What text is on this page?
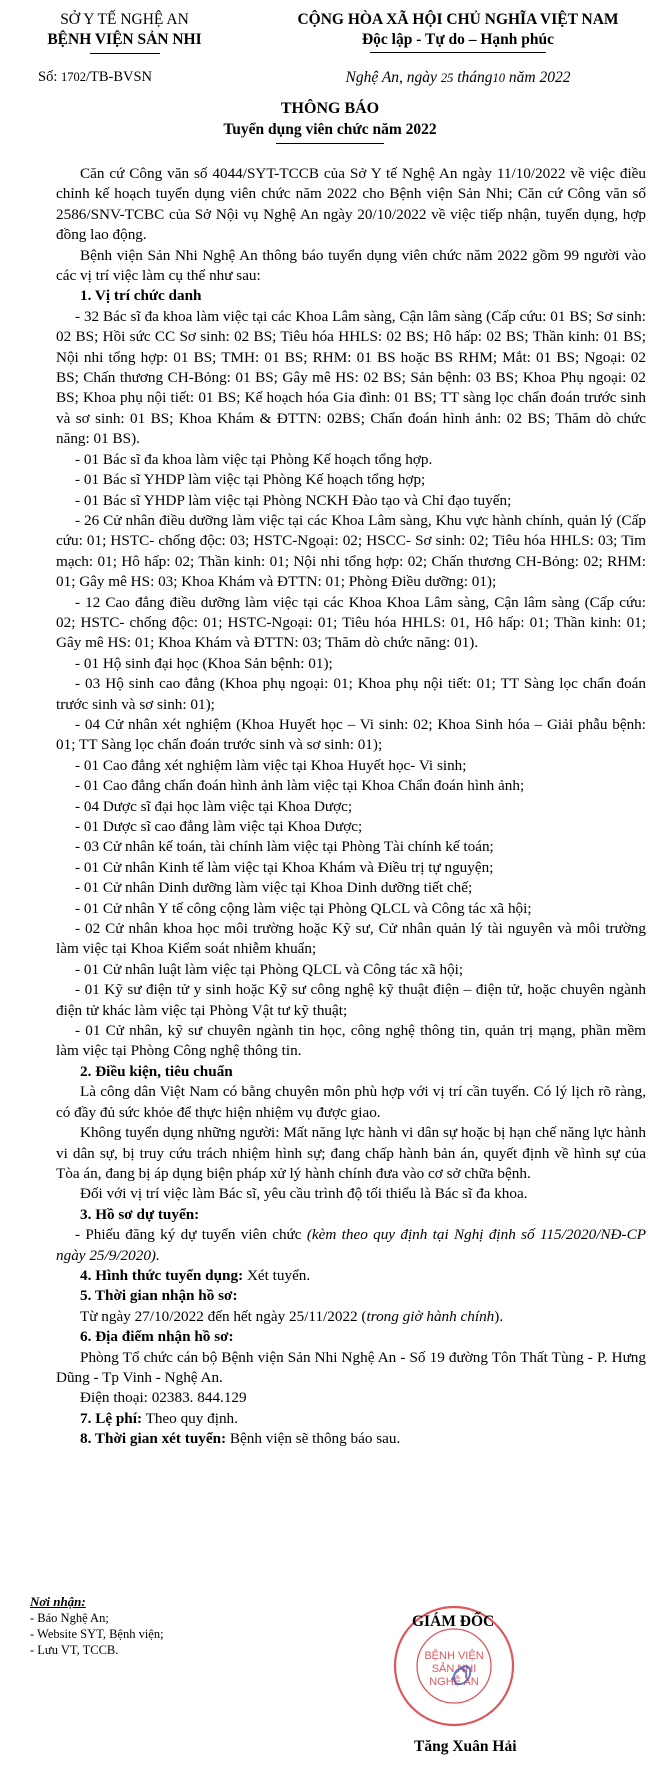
SỞ Y TẾ NGHỆ AN
BỆNH VIỆN SẢN NHI
Số: 1702/TB-BVSN
CỘNG HÒA XÃ HỘI CHỦ NGHĨA VIỆT NAM
Độc lập - Tự do – Hạnh phúc
Nghệ An, ngày 25 tháng10 năm 2022
THÔNG BÁO
Tuyển dụng viên chức năm 2022

Căn cứ Công văn số 4044/SYT-TCCB của Sở Y tế Nghệ An ngày 11/10/2022 về việc điều chỉnh kế hoạch tuyển dụng viên chức năm 2022 cho Bệnh viện Sản Nhi; Căn cứ Công văn số 2586/SNV-TCBC của Sở Nội vụ Nghệ An ngày 20/10/2022 về việc tiếp nhận, tuyển dụng, hợp đồng lao động.

Bệnh viện Sản Nhi Nghệ An thông báo tuyển dụng viên chức năm 2022 gồm 99 người vào các vị trí việc làm cụ thể như sau:

1. Vị trí chức danh

- 32 Bác sĩ đa khoa làm việc tại các Khoa Lâm sàng, Cận lâm sàng (Cấp cứu: 01 BS; Sơ sinh: 02 BS; Hồi sức CC Sơ sinh: 02 BS; Tiêu hóa HHLS: 02 BS; Hô hấp: 02 BS; Thần kinh: 01 BS; Nội nhi tổng hợp: 01 BS; TMH: 01 BS; RHM: 01 BS hoặc BS RHM; Mắt: 01 BS; Ngoại: 02 BS; Chấn thương CH-Bỏng: 01 BS; Gây mê HS: 02 BS; Sản bệnh: 03 BS; Khoa Phụ ngoại: 02 BS; Khoa phụ nội tiết: 01 BS; Kế hoạch hóa Gia đình: 01 BS; TT sàng lọc chẩn đoán trước sinh và sơ sinh: 01 BS; Khoa Khám & ĐTTN: 02BS; Chẩn đoán hình ảnh: 02 BS; Thăm dò chức năng: 01 BS).

- 01 Bác sĩ đa khoa làm việc tại Phòng Kế hoạch tổng hợp.

- 01 Bác sĩ YHDP làm việc tại Phòng Kế hoạch tổng hợp;

- 01 Bác sĩ YHDP làm việc tại Phòng NCKH Đào tạo và Chỉ đạo tuyến;

- 26 Cử nhân điều dưỡng làm việc tại các Khoa Lâm sàng, Khu vực hành chính, quản lý (Cấp cứu: 01; HSTC- chống độc: 03; HSTC-Ngoại: 02; HSCC- Sơ sinh: 02; Tiêu hóa HHLS: 03; Tim mạch: 01; Hô hấp: 02; Thần kinh: 01; Nội nhi tổng hợp: 02; Chấn thương CH-Bỏng: 02; RHM: 01; Gây mê HS: 03; Khoa Khám và ĐTTN: 01; Phòng Điều dưỡng: 01);

- 12 Cao đẳng điều dưỡng làm việc tại các Khoa Khoa Lâm sàng, Cận lâm sàng (Cấp cứu: 02; HSTC- chống độc: 01; HSTC-Ngoại: 01; Tiêu hóa HHLS: 01, Hô hấp: 01; Thần kinh: 01; Gây mê HS: 01; Khoa Khám và ĐTTN: 03; Thăm dò chức năng: 01).

- 01 Hộ sinh đại học (Khoa Sản bệnh: 01);

- 03 Hộ sinh cao đẳng (Khoa phụ ngoại: 01; Khoa phụ nội tiết: 01; TT Sàng lọc chẩn đoán trước sinh và sơ sinh: 01);

- 04 Cử nhân xét nghiệm (Khoa Huyết học – Vi sinh: 02; Khoa Sinh hóa – Giải phẫu bệnh: 01; TT Sàng lọc chẩn đoán trước sinh và sơ sinh: 01);

- 01 Cao đẳng xét nghiệm làm việc tại Khoa Huyết học- Vi sinh;

- 01 Cao đẳng chẩn đoán hình ảnh làm việc tại Khoa Chẩn đoán hình ảnh;

- 04 Dược sĩ đại học làm việc tại Khoa Dược;

- 01 Dược sĩ cao đẳng làm việc tại Khoa Dược;

- 03 Cử nhân kế toán, tài chính làm việc tại Phòng Tài chính kế toán;

- 01 Cử nhân Kinh tế làm việc tại Khoa Khám và Điều trị tự nguyện;

- 01 Cử nhân Dinh dưỡng làm việc tại Khoa Dinh dưỡng tiết chế;

- 01 Cử nhân Y tế công cộng làm việc tại Phòng QLCL và Công tác xã hội;

- 02 Cử nhân khoa học môi trường hoặc Kỹ sư, Cử nhân quản lý tài nguyên và môi trường làm việc tại Khoa Kiểm soát nhiễm khuẩn;

- 01 Cử nhân luật làm việc tại Phòng QLCL và Công tác xã hội;

- 01 Kỹ sư điện tử y sinh hoặc Kỹ sư công nghệ kỹ thuật điện – điện tử, hoặc chuyên ngành điện tử khác làm việc tại Phòng Vật tư kỹ thuật;

- 01 Cử nhân, kỹ sư chuyên ngành tin học, công nghệ thông tin, quản trị mạng, phần mềm làm việc tại Phòng Công nghệ thông tin.

2. Điều kiện, tiêu chuẩn

Là công dân Việt Nam có bằng chuyên môn phù hợp với vị trí cần tuyển. Có lý lịch rõ ràng, có đầy đủ sức khỏe để thực hiện nhiệm vụ được giao.

Không tuyển dụng những người: Mất năng lực hành vi dân sự hoặc bị hạn chế năng lực hành vi dân sự, bị truy cứu trách nhiệm hình sự; đang chấp hành bản án, quyết định về hình sự của Tòa án, đang bị áp dụng biện pháp xử lý hành chính đưa vào cơ sở chữa bệnh.

Đối với vị trí việc làm Bác sĩ, yêu cầu trình độ tối thiểu là Bác sĩ đa khoa.

3. Hồ sơ dự tuyển:

- Phiếu đăng ký dự tuyển viên chức (kèm theo quy định tại Nghị định số 115/2020/NĐ-CP ngày 25/9/2020).

4. Hình thức tuyển dụng: Xét tuyển.

5. Thời gian nhận hồ sơ:

Từ ngày 27/10/2022 đến hết ngày 25/11/2022 (trong giờ hành chính).

6. Địa điểm nhận hồ sơ:

Phòng Tổ chức cán bộ Bệnh viện Sản Nhi Nghệ An - Số 19 đường Tôn Thất Tùng - P. Hưng Dũng - Tp Vinh - Nghệ An.

Điện thoại: 02383. 844.129

7. Lệ phí: Theo quy định.

8. Thời gian xét tuyển: Bệnh viện sẽ thông báo sau.

Nơi nhận:
- Báo Nghệ An;
- Website SYT, Bệnh viện;
- Lưu VT, TCCB.	BỆNH VIỆN
SẢN NHI
NGHỆ AN
GIÁM ĐỐC
Tăng Xuân Hải
